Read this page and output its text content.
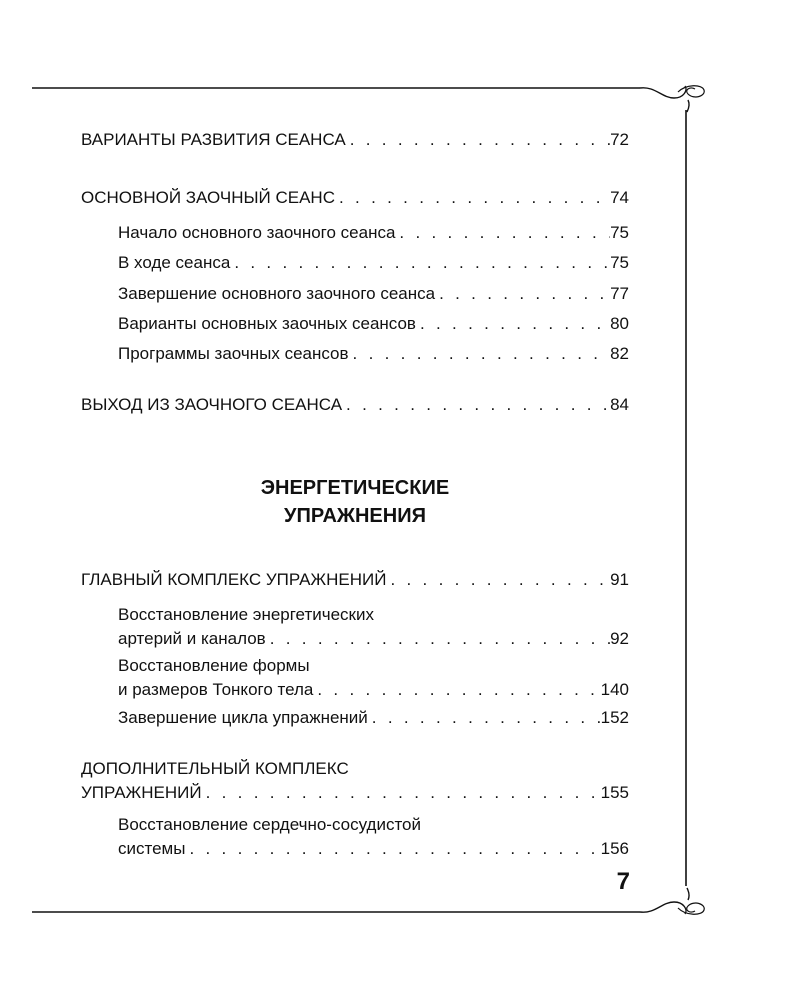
ВАРИАНТЫ РАЗВИТИЯ СЕАНСА . . .	72
ОСНОВНОЙ ЗАОЧНЫЙ СЕАНС . . .	74
Начало основного заочного сеанса . . .	75
В ходе сеанса . . .	75
Завершение основного заочного сеанса . . .	77
Варианты основных заочных сеансов . . .	80
Программы заочных сеансов . . .	82
ВЫХОД ИЗ ЗАОЧНОГО СЕАНСА . . .	84
ЭНЕРГЕТИЧЕСКИЕ
УПРАЖНЕНИЯ
ГЛАВНЫЙ КОМПЛЕКС УПРАЖНЕНИЙ . . .	91
Восстановление энергетических
артерий и каналов . . .	92
Восстановление формы
и размеров Тонкого тела . . .	140
Завершение цикла упражнений . . .	152
ДОПОЛНИТЕЛЬНЫЙ КОМПЛЕКС
УПРАЖНЕНИЙ . . .	155
Восстановление сердечно-сосудистой
системы . . .	156
7
